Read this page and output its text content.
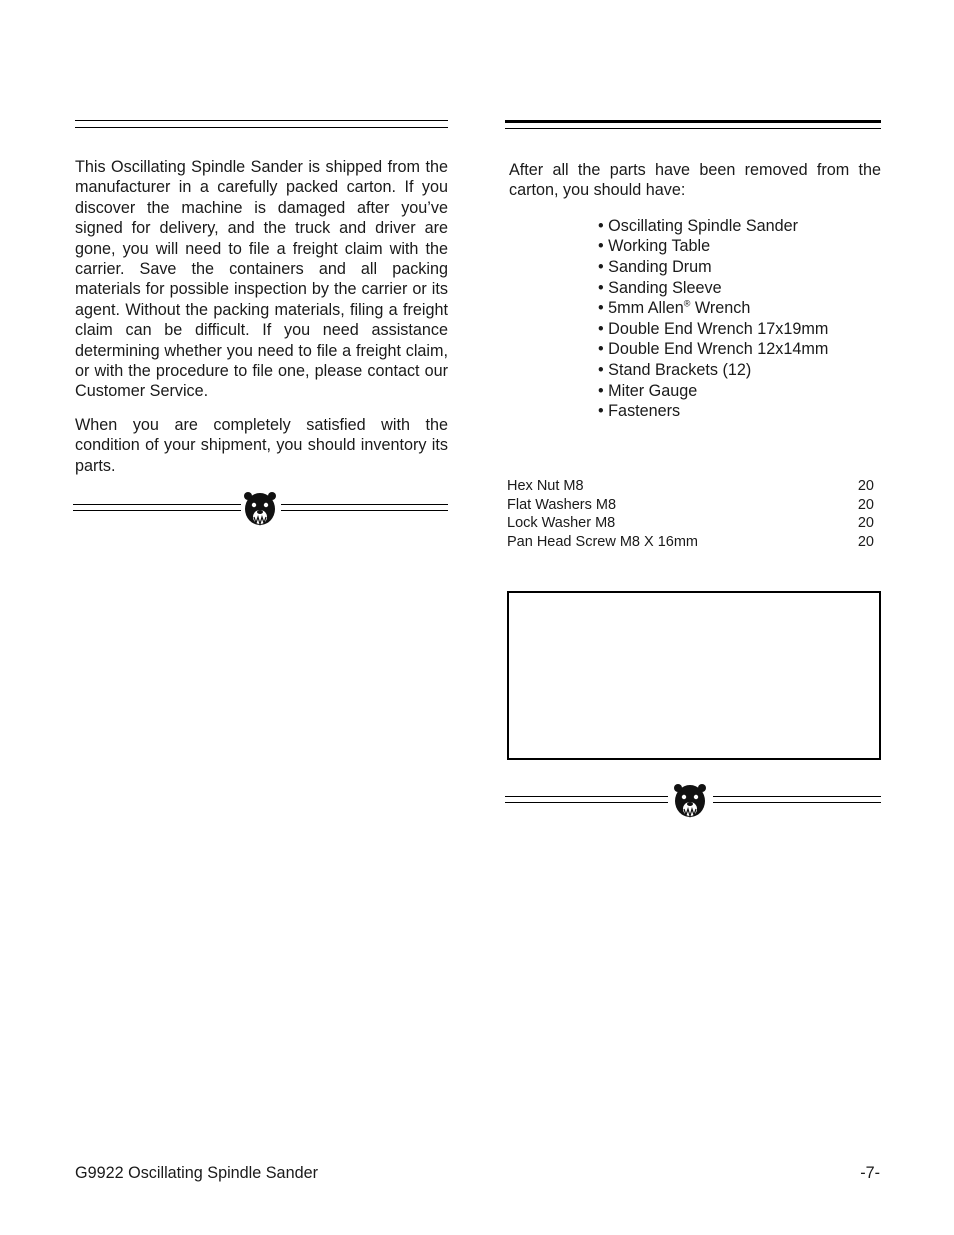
This Oscillating Spindle Sander is shipped from the manufacturer in a carefully packed carton. If you discover the machine is damaged after you’ve signed for delivery, and the truck and driver are gone, you will need to file a freight claim with the carrier. Save the containers and all packing materials for possible inspection by the carrier or its agent. Without the packing materials, filing a freight claim can be difficult. If you need assistance determining whether you need to file a freight claim, or with the procedure to file one, please contact our Customer Service.

When you are completely satisfied with the condition of your shipment, you should inventory its parts.

After all the parts have been removed from the carton, you should have:

• Oscillating Spindle Sander
• Working Table
• Sanding Drum
• Sanding Sleeve
• 5mm Allen® Wrench
• Double End Wrench 17x19mm
• Double End Wrench 12x14mm
• Stand Brackets (12)
• Miter Gauge
• Fasteners
Hex Nut M8	20
Flat Washers M8	20
Lock Washer M8	20
Pan Head Screw M8 X 16mm	20
G9922 Oscillating Spindle Sander	-7-
